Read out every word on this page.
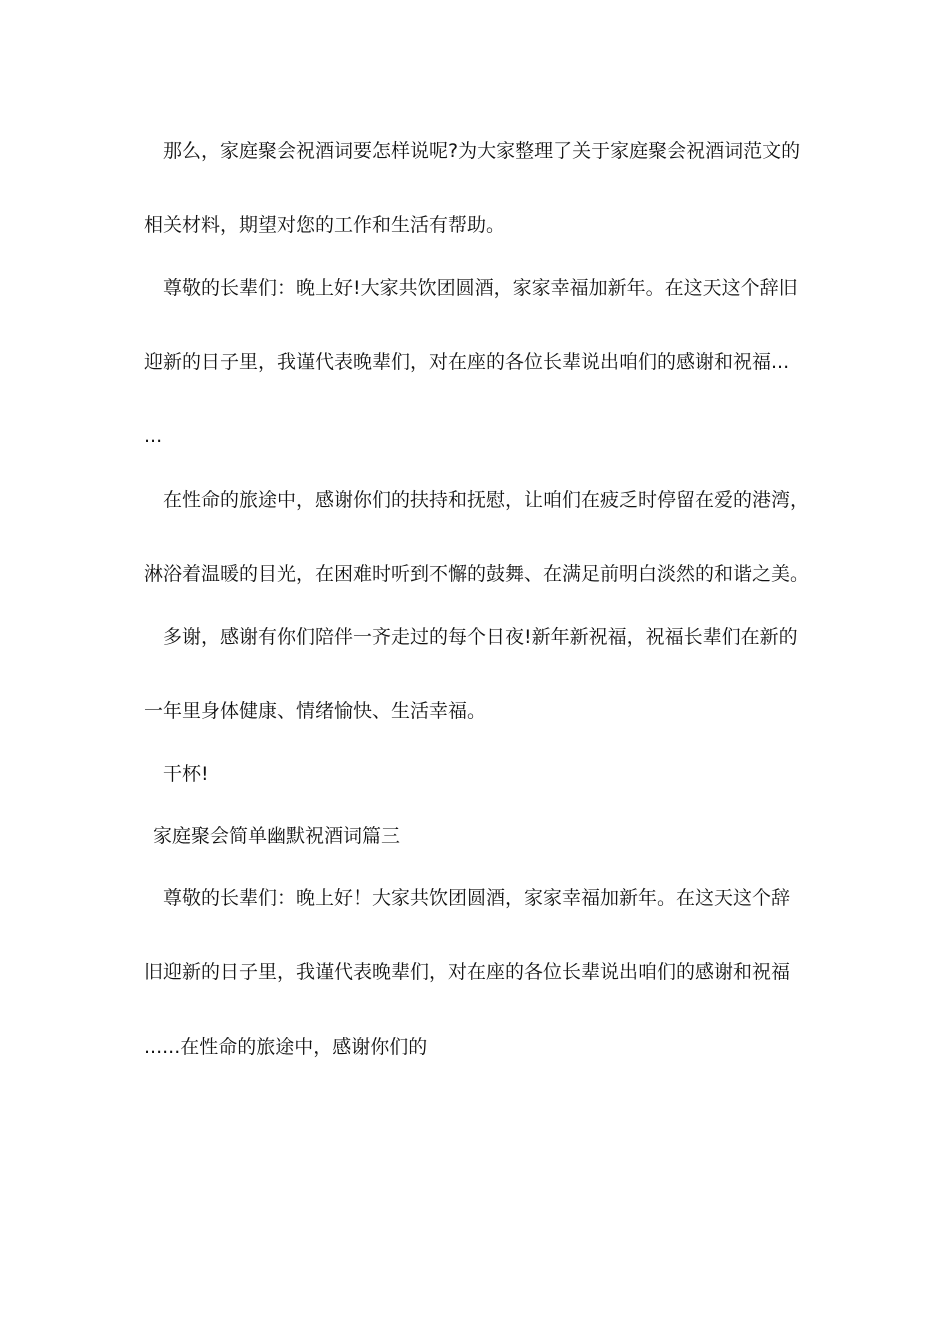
那么，家庭聚会祝酒词要怎样说呢?为大家整理了关于家庭聚会祝酒词范文的
相关材料，期望对您的工作和生活有帮助。
尊敬的长辈们：晚上好!大家共饮团圆酒，家家幸福加新年。在这天这个辞旧
迎新的日子里，我谨代表晚辈们，对在座的各位长辈说出咱们的感谢和祝福...
...
在性命的旅途中，感谢你们的扶持和抚慰，让咱们在疲乏时停留在爱的港湾，
淋浴着温暖的目光，在困难时听到不懈的鼓舞、在满足前明白淡然的和谐之美。
多谢，感谢有你们陪伴一齐走过的每个日夜!新年新祝福，祝福长辈们在新的
一年里身体健康、情绪愉快、生活幸福。
干杯!
家庭聚会简单幽默祝酒词篇三
尊敬的长辈们：晚上好！大家共饮团圆酒，家家幸福加新年。在这天这个辞
旧迎新的日子里，我谨代表晚辈们，对在座的各位长辈说出咱们的感谢和祝福
......在性命的旅途中，感谢你们的
